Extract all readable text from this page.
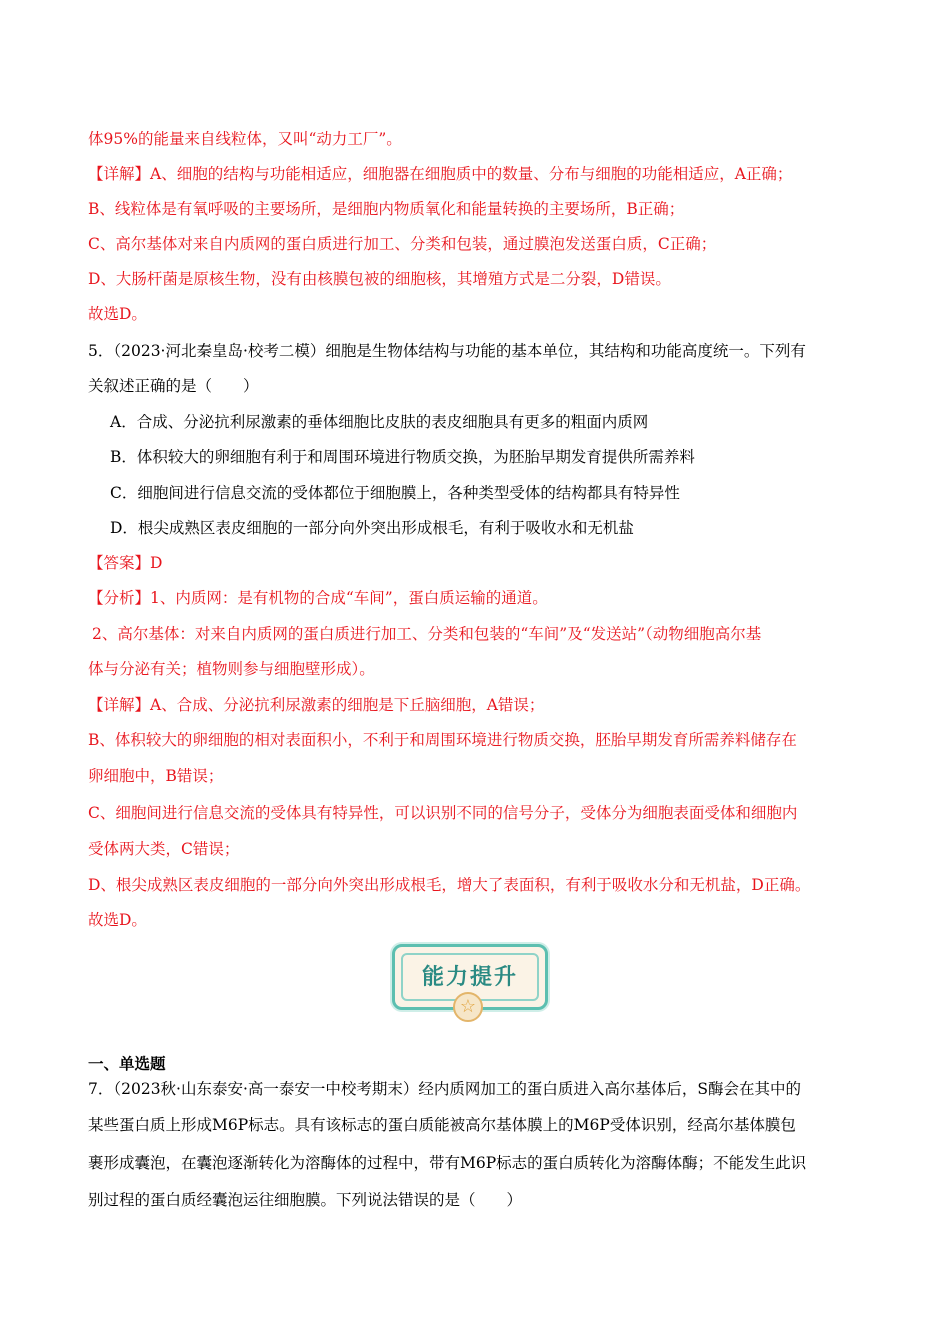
体95%的能量来自线粒体，又叫“动力工厂”。
【详解】A、细胞的结构与功能相适应，细胞器在细胞质中的数量、分布与细胞的功能相适应，A正确；
B、线粒体是有氧呼吸的主要场所，是细胞内物质氧化和能量转换的主要场所，B正确；
C、高尔基体对来自内质网的蛋白质进行加工、分类和包装，通过膜泡发送蛋白质，C正确；
D、大肠杆菌是原核生物，没有由核膜包被的细胞核，其增殖方式是二分裂，D错误。
故选D。
5．（2023·河北秦皇岛·校考二模）细胞是生物体结构与功能的基本单位，其结构和功能高度统一。下列有
关叙述正确的是（　　）
A．合成、分泌抗利尿激素的垂体细胞比皮肤的表皮细胞具有更多的粗面内质网
B．体积较大的卵细胞有利于和周围环境进行物质交换，为胚胎早期发育提供所需养料
C．细胞间进行信息交流的受体都位于细胞膜上，各种类型受体的结构都具有特异性
D．根尖成熟区表皮细胞的一部分向外突出形成根毛，有利于吸收水和无机盐
【答案】D
【分析】1、内质网：是有机物的合成“车间”，蛋白质运输的通道。
2、高尔基体：对来自内质网的蛋白质进行加工、分类和包装的“车间”及“发送站”（动物细胞高尔基
体与分泌有关；植物则参与细胞壁形成）。
【详解】A、合成、分泌抗利尿激素的细胞是下丘脑细胞，A错误；
B、体积较大的卵细胞的相对表面积小，不利于和周围环境进行物质交换，胚胎早期发育所需养料储存在
卵细胞中，B错误；
C、细胞间进行信息交流的受体具有特异性，可以识别不同的信号分子，受体分为细胞表面受体和细胞内
受体两大类，C错误；
D、根尖成熟区表皮细胞的一部分向外突出形成根毛，增大了表面积，有利于吸收水分和无机盐，D正确。
故选D。
能力提升
☆
一、单选题
7．（2023秋·山东泰安·高一泰安一中校考期末）经内质网加工的蛋白质进入高尔基体后，S酶会在其中的
某些蛋白质上形成M6P标志。具有该标志的蛋白质能被高尔基体膜上的M6P受体识别，经高尔基体膜包
裹形成囊泡，在囊泡逐渐转化为溶酶体的过程中，带有M6P标志的蛋白质转化为溶酶体酶；不能发生此识
别过程的蛋白质经囊泡运往细胞膜。下列说法错误的是（　　）
